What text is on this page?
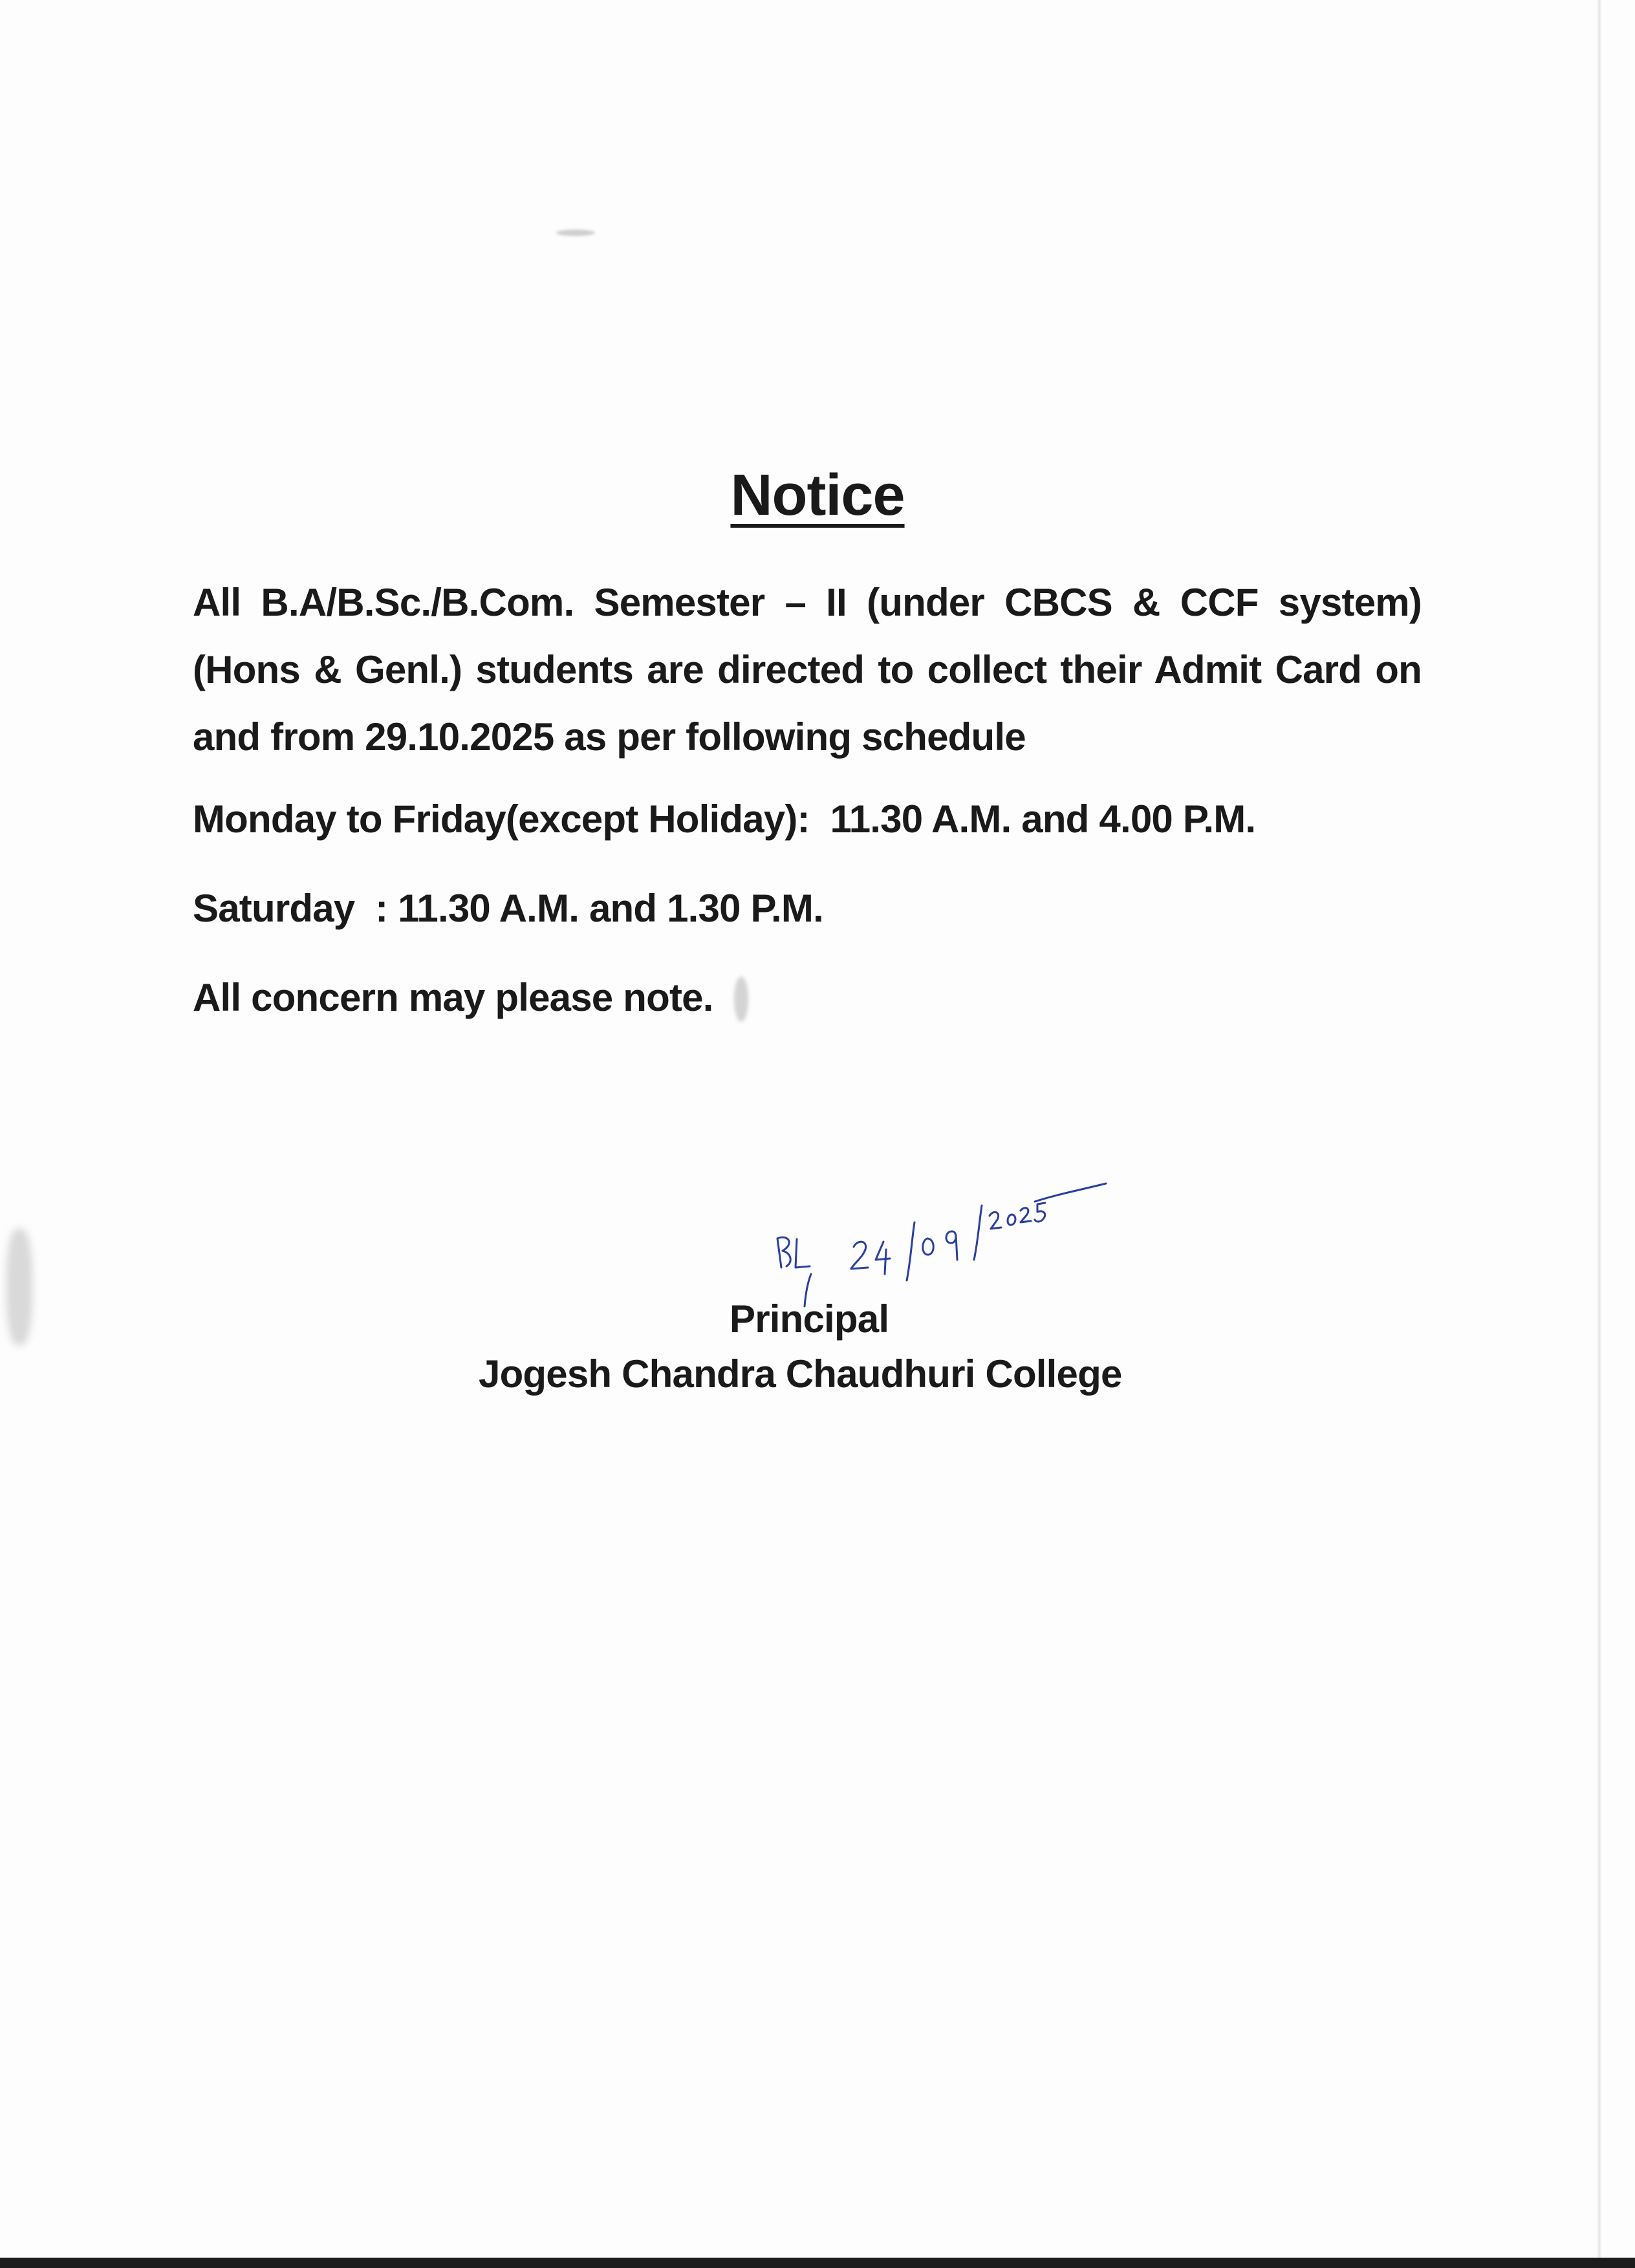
Notice
All B.A/B.Sc./B.Com. Semester – II (under CBCS & CCF system) (Hons & Genl.) students are directed to collect their Admit Card on and from 29.10.2025 as per following schedule
Monday to Friday(except Holiday):  11.30 A.M. and 4.00 P.M.
Saturday  : 11.30 A.M. and 1.30 P.M.
All concern may please note.
Principal
Jogesh Chandra Chaudhuri College
